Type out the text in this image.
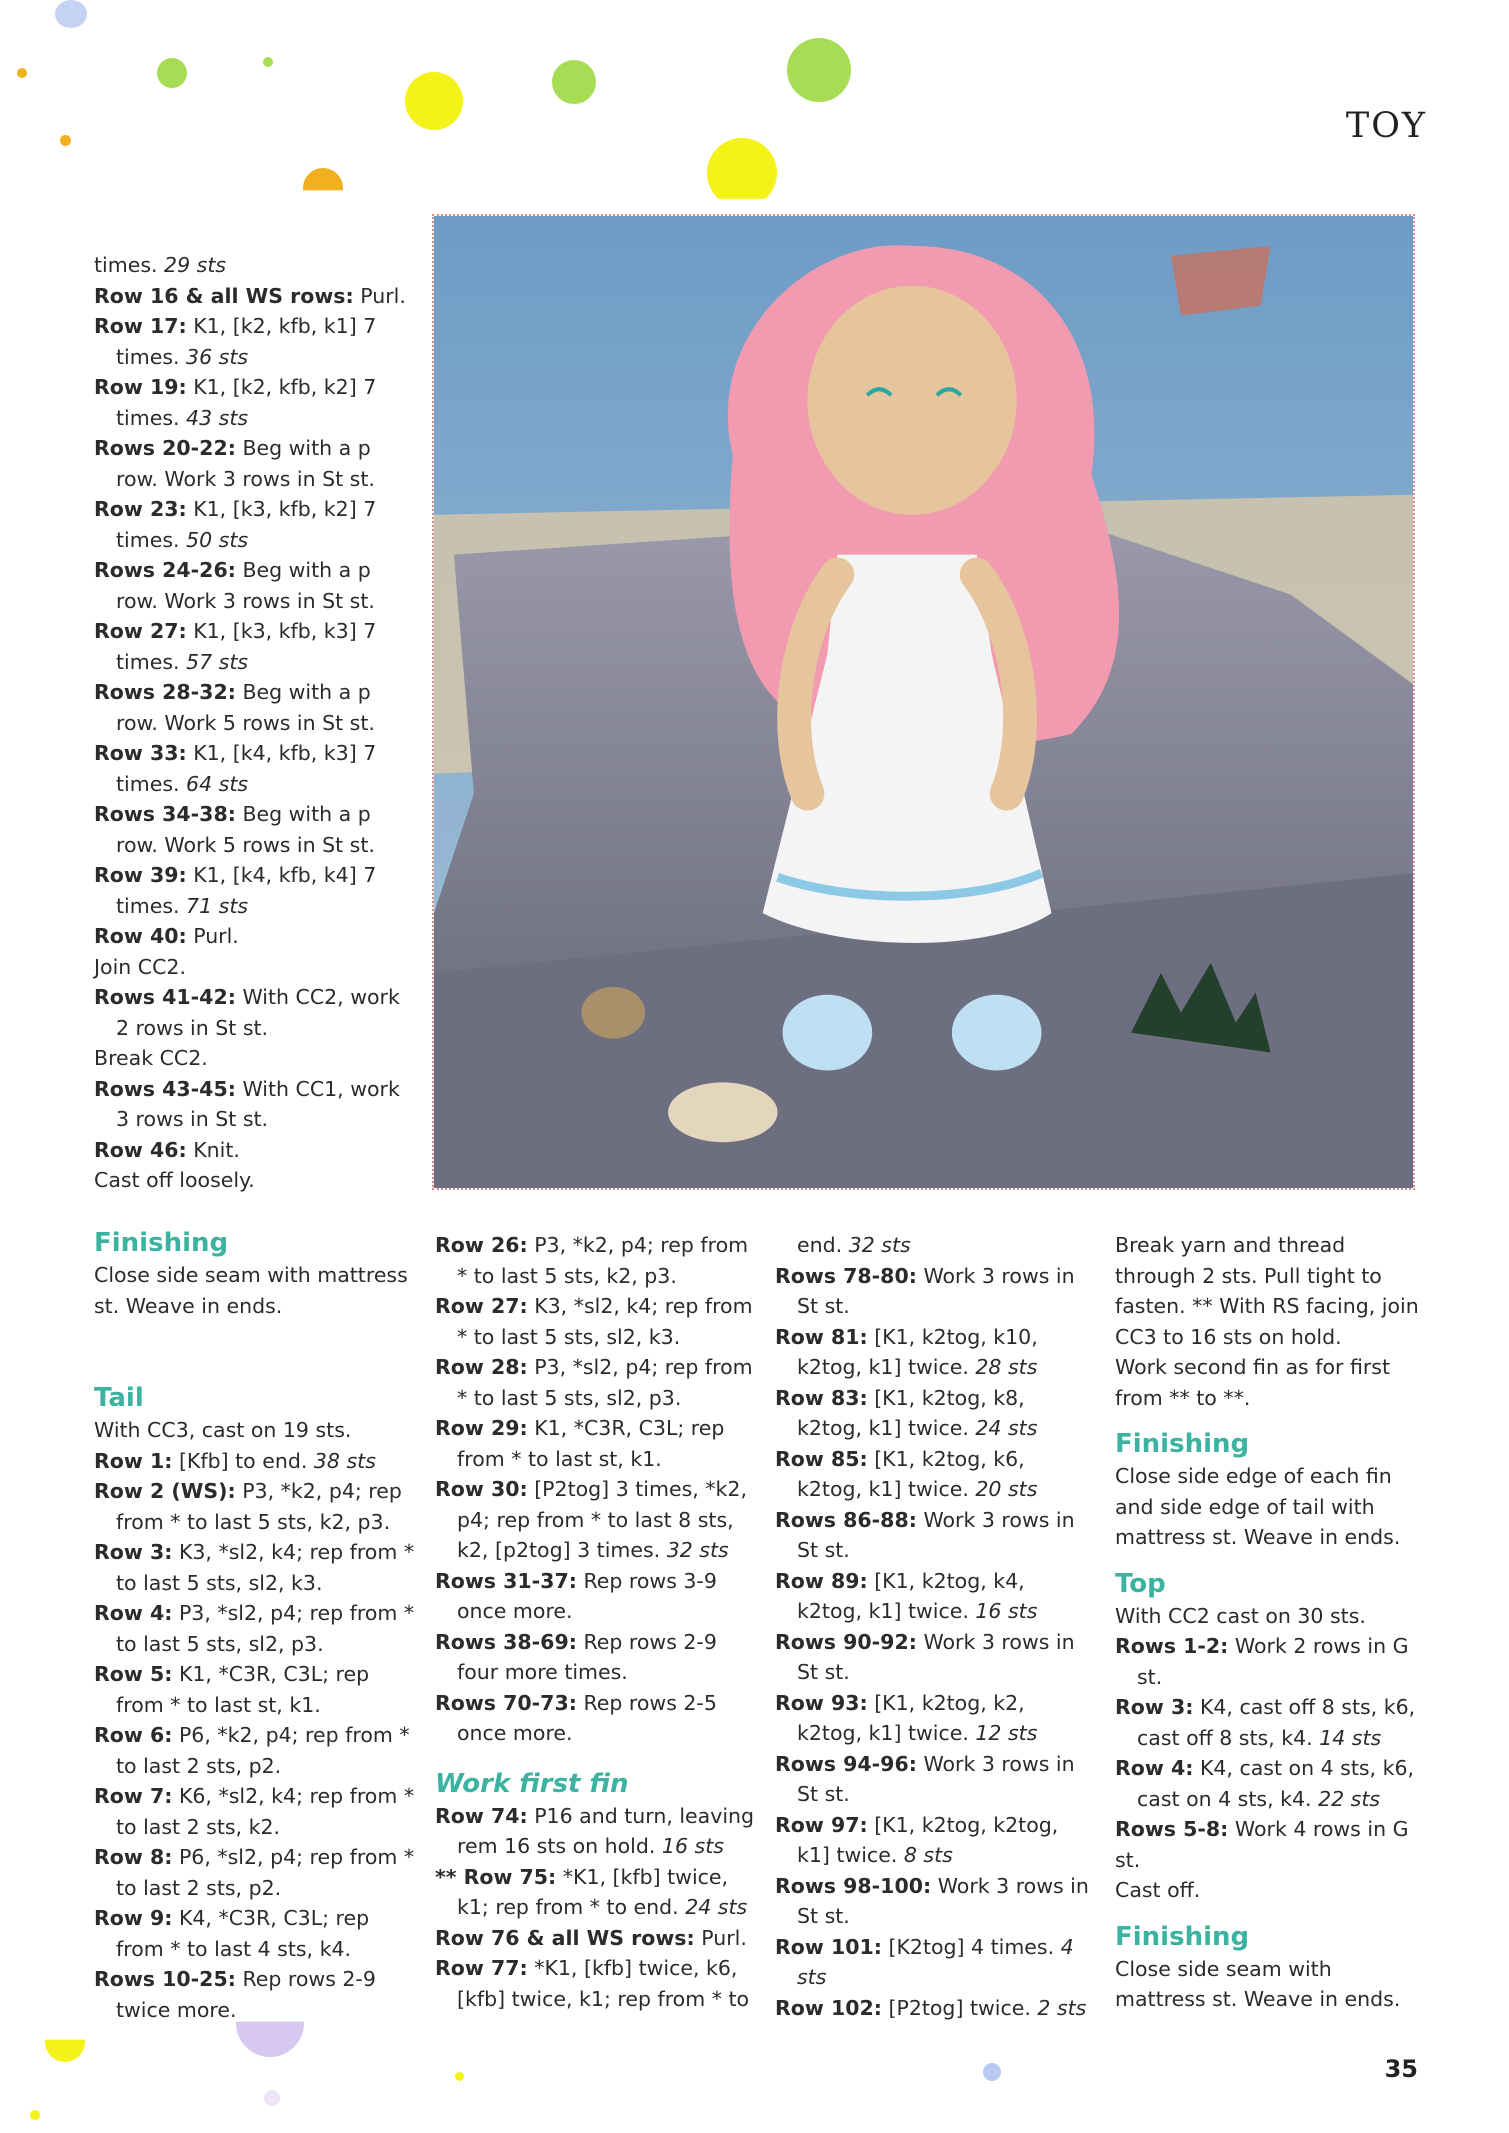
TOY

times. 29 sts

Row 16 & all WS rows: Purl.

Row 17: K1, [k2, kfb, k1] 7 times. 36 sts

Row 19: K1, [k2, kfb, k2] 7 times. 43 sts

Rows 20-22: Beg with a p row. Work 3 rows in St st.

Row 23: K1, [k3, kfb, k2] 7 times. 50 sts

Rows 24-26: Beg with a p row. Work 3 rows in St st.

Row 27: K1, [k3, kfb, k3] 7 times. 57 sts

Rows 28-32: Beg with a p row. Work 5 rows in St st.

Row 33: K1, [k4, kfb, k3] 7 times. 64 sts

Rows 34-38: Beg with a p row. Work 5 rows in St st.

Row 39: K1, [k4, kfb, k4] 7 times. 71 sts

Row 40: Purl.

Join CC2.

Rows 41-42: With CC2, work 2 rows in St st.

Break CC2.

Rows 43-45: With CC1, work 3 rows in St st.

Row 46: Knit.

Cast off loosely.

Finishing

Close side seam with mattress st. Weave in ends.

Tail

With CC3, cast on 19 sts.

Row 1: [Kfb] to end. 38 sts

Row 2 (WS): P3, *k2, p4; rep from * to last 5 sts, k2, p3.

Row 3: K3, *sl2, k4; rep from * to last 5 sts, sl2, k3.

Row 4: P3, *sl2, p4; rep from * to last 5 sts, sl2, p3.

Row 5: K1, *C3R, C3L; rep from * to last st, k1.

Row 6: P6, *k2, p4; rep from * to last 2 sts, p2.

Row 7: K6, *sl2, k4; rep from * to last 2 sts, k2.

Row 8: P6, *sl2, p4; rep from * to last 2 sts, p2.

Row 9: K4, *C3R, C3L; rep from * to last 4 sts, k4.

Rows 10-25: Rep rows 2-9 twice more.

Row 26: P3, *k2, p4; rep from * to last 5 sts, k2, p3.

Row 27: K3, *sl2, k4; rep from * to last 5 sts, sl2, k3.

Row 28: P3, *sl2, p4; rep from * to last 5 sts, sl2, p3.

Row 29: K1, *C3R, C3L; rep from * to last st, k1.

Row 30: [P2tog] 3 times, *k2, p4; rep from * to last 8 sts, k2, [p2tog] 3 times. 32 sts

Rows 31-37: Rep rows 3-9 once more.

Rows 38-69: Rep rows 2-9 four more times.

Rows 70-73: Rep rows 2-5 once more.

Work first fin

Row 74: P16 and turn, leaving rem 16 sts on hold. 16 sts

** Row 75: *K1, [kfb] twice, k1; rep from * to end. 24 sts

Row 76 & all WS rows: Purl.

Row 77: *K1, [kfb] twice, k6, [kfb] twice, k1; rep from * to

end. 32 sts

Rows 78-80: Work 3 rows in St st.

Row 81: [K1, k2tog, k10, k2tog, k1] twice. 28 sts

Row 83: [K1, k2tog, k8, k2tog, k1] twice. 24 sts

Row 85: [K1, k2tog, k6, k2tog, k1] twice. 20 sts

Rows 86-88: Work 3 rows in St st.

Row 89: [K1, k2tog, k4, k2tog, k1] twice. 16 sts

Rows 90-92: Work 3 rows in St st.

Row 93: [K1, k2tog, k2, k2tog, k1] twice. 12 sts

Rows 94-96: Work 3 rows in St st.

Row 97: [K1, k2tog, k2tog, k1] twice. 8 sts

Rows 98-100: Work 3 rows in St st.

Row 101: [K2tog] 4 times. 4 sts

Row 102: [P2tog] twice. 2 sts

Break yarn and thread through 2 sts. Pull tight to fasten. ** With RS facing, join CC3 to 16 sts on hold.

Work second fin as for first from ** to **.

Finishing

Close side edge of each fin and side edge of tail with mattress st. Weave in ends.

Top

With CC2 cast on 30 sts.

Rows 1-2: Work 2 rows in G st.

Row 3: K4, cast off 8 sts, k6, cast off 8 sts, k4. 14 sts

Row 4: K4, cast on 4 sts, k6, cast on 4 sts, k4. 22 sts

Rows 5-8: Work 4 rows in G st.

Cast off.

Finishing

Close side seam with mattress st. Weave in ends.

35
